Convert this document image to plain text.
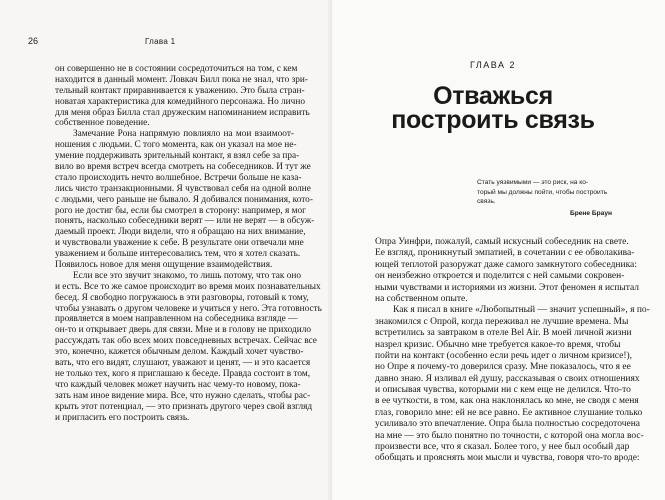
26	Глава 1
он совершенно не в состоянии сосредоточиться на том, с кем
находится в данный момент. Ловкач Билл пока не знал, что зри-
тельный контакт приравнивается к уважению. Это была стран-
новатая характеристика для комедийного персонажа. Но лично
для меня образ Билла стал дружеским напоминанием исправить
собственное поведение.
Замечание Рона напрямую повлияло на мои взаимоот-
ношения с людьми. С того момента, как он указал на мое не-
умение поддерживать зрительный контакт, я взял себе за пра-
вило во время встреч всегда смотреть на собеседников. И тут же
стало происходить нечто волшебное. Встречи больше не каза-
лись чисто транзакционными. Я чувствовал себя на одной волне
с людьми, чего раньше не бывало. Я добивался понимания, кото-
рого не достиг бы, если бы смотрел в сторону: например, я мог
понять, насколько собеседники верят — или не верят — в обсуж-
даемый проект. Люди видели, что я обращаю на них внимание,
и чувствовали уважение к себе. В результате они отвечали мне
уважением и больше интересовались тем, что я хотел сказать.
Появилось новое для меня ощущение взаимодействия.
Если все это звучит знакомо, то лишь потому, что так оно
и есть. Все то же самое происходит во время моих познавательных
бесед. Я свободно погружаюсь в эти разговоры, готовый к тому,
чтобы узнавать о другом человеке и учиться у него. Эта готовность
проявляется в моем направленном на собеседника взгляде —
он-то и открывает дверь для связи. Мне и в голову не приходило
рассуждать так обо всех моих повседневных встречах. Сейчас все
это, конечно, кажется обычным делом. Каждый хочет чувство-
вать, что его видят, слушают, уважают и ценят, — и это касается
не только тех, кого я приглашаю к беседе. Правда состоит в том,
что каждый человек может научить нас чему-то новому, пока-
зать нам иное видение мира. Все, что нужно сделать, чтобы рас-
крыть этот потенциал, — это признать другого через свой взгляд
и пригласить его построить связь.
ГЛАВА 2
Отважься
построить связь
Стать уязвимыми — это риск, на ко-
торый мы должны пойти, чтобы построить
связь.
Брене Браун
Опра Уинфри, пожалуй, самый искусный собеседник на свете.
Ее взгляд, проникнутый эмпатией, в сочетании с ее обволакива-
ющей теплотой разоружат даже самого замкнутого собеседника:
он неизбежно откроется и поделится с ней самыми сокровен-
ными чувствами и историями из жизни. Этот феномен я испытал
на собственном опыте.
Как я писал в книге «Любопытный — значит успешный», я по-
знакомился с Опрой, когда переживал не лучшие времена. Мы
встретились за завтраком в отеле Bel Air. В моей личной жизни
назрел кризис. Обычно мне требуется какое-то время, чтобы
пойти на контакт (особенно если речь идет о личном кризисе!),
но Опре я почему-то доверился сразу. Мне показалось, что я ее
давно знаю. Я изливал ей душу, рассказывая о своих отношениях
и описывая чувства, которыми ни с кем еще не делился. Что-то
в ее чуткости, в том, как она наклонялась ко мне, не сводя с меня
глаз, говорило мне: ей не все равно. Ее активное слушание только
усиливало это впечатление. Опра была полностью сосредоточена
на мне — это было понятно по точности, с которой она могла вос-
произвести все, что я сказал. Более того, у нее был особый дар
обобщать и прояснять мои мысли и чувства, говоря что-то вроде:
